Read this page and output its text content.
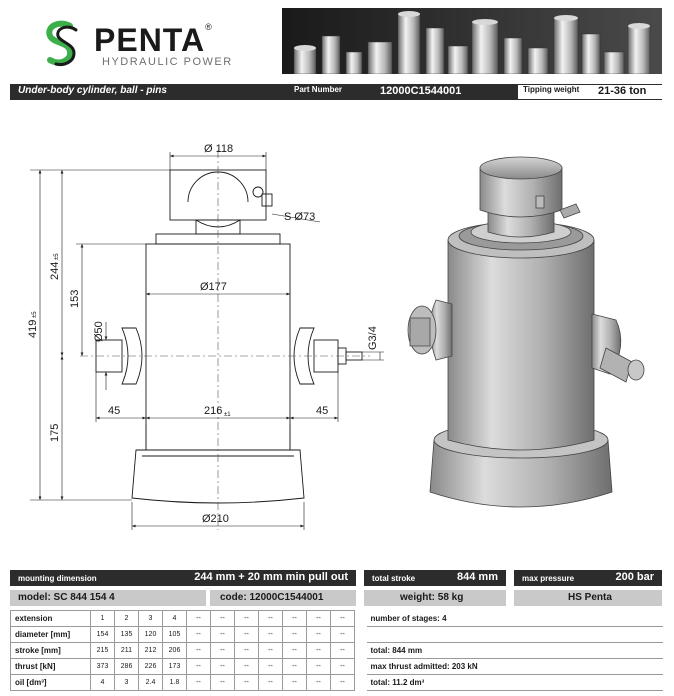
PENTA®
HYDRAULIC POWER
Under-body cylinder, ball - pins	Part Number	12000C1544001	Tipping weight 21-36 ton
Ø 118
S Ø73
419
±5
244
±5
153
Ø50
Ø177
G3/4
45	216 ±1	45
175
Ø210
mounting dimension	244 mm + 20 mm min pull out	total stroke	844 mm	max pressure	200 bar
model: SC 844 154 4	code: 12000C1544001	weight: 58 kg	HS Penta
extension	1	2	3	4	--	--	--	--	--	--	--		number of stages: 4
diameter [mm]	154	135	120	105	--	--	--	--	--	--	--		
stroke [mm]	215	211	212	206	--	--	--	--	--	--	--		total: 844 mm
thrust [kN]	373	286	226	173	--	--	--	--	--	--	--		max thrust admitted: 203 kN
oil [dm³]	4	3	2.4	1.8	--	--	--	--	--	--	--		total: 11.2 dm³
